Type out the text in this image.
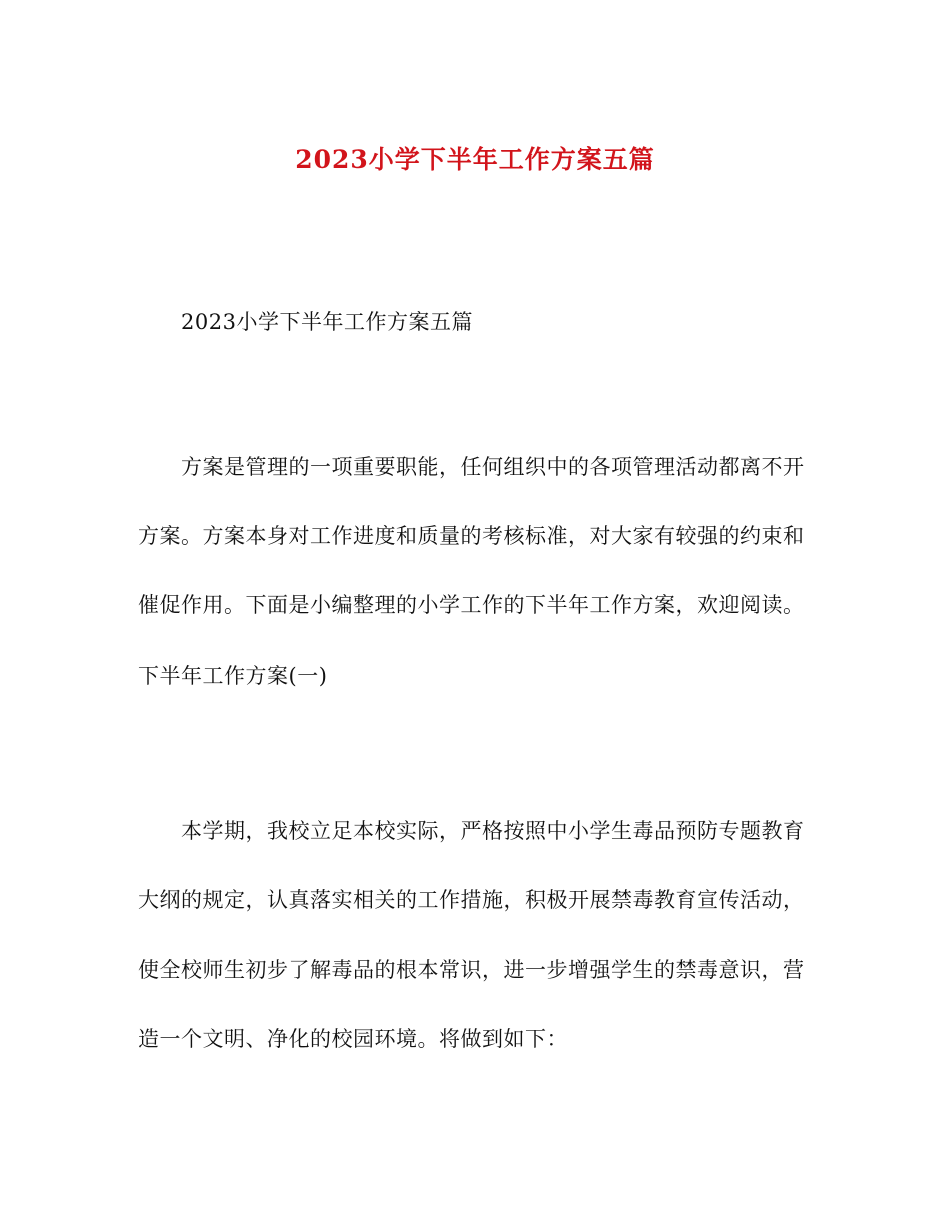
2023小学下半年工作方案五篇
2023小学下半年工作方案五篇
方案是管理的一项重要职能，任何组织中的各项管理活动都离不开
方案。方案本身对工作进度和质量的考核标准，对大家有较强的约束和
催促作用。下面是小编整理的小学工作的下半年工作方案，欢迎阅读。
下半年工作方案(一)
本学期，我校立足本校实际，严格按照中小学生毒品预防专题教育
大纲的规定，认真落实相关的工作措施，积极开展禁毒教育宣传活动，
使全校师生初步了解毒品的根本常识，进一步增强学生的禁毒意识，营
造一个文明、净化的校园环境。将做到如下：
